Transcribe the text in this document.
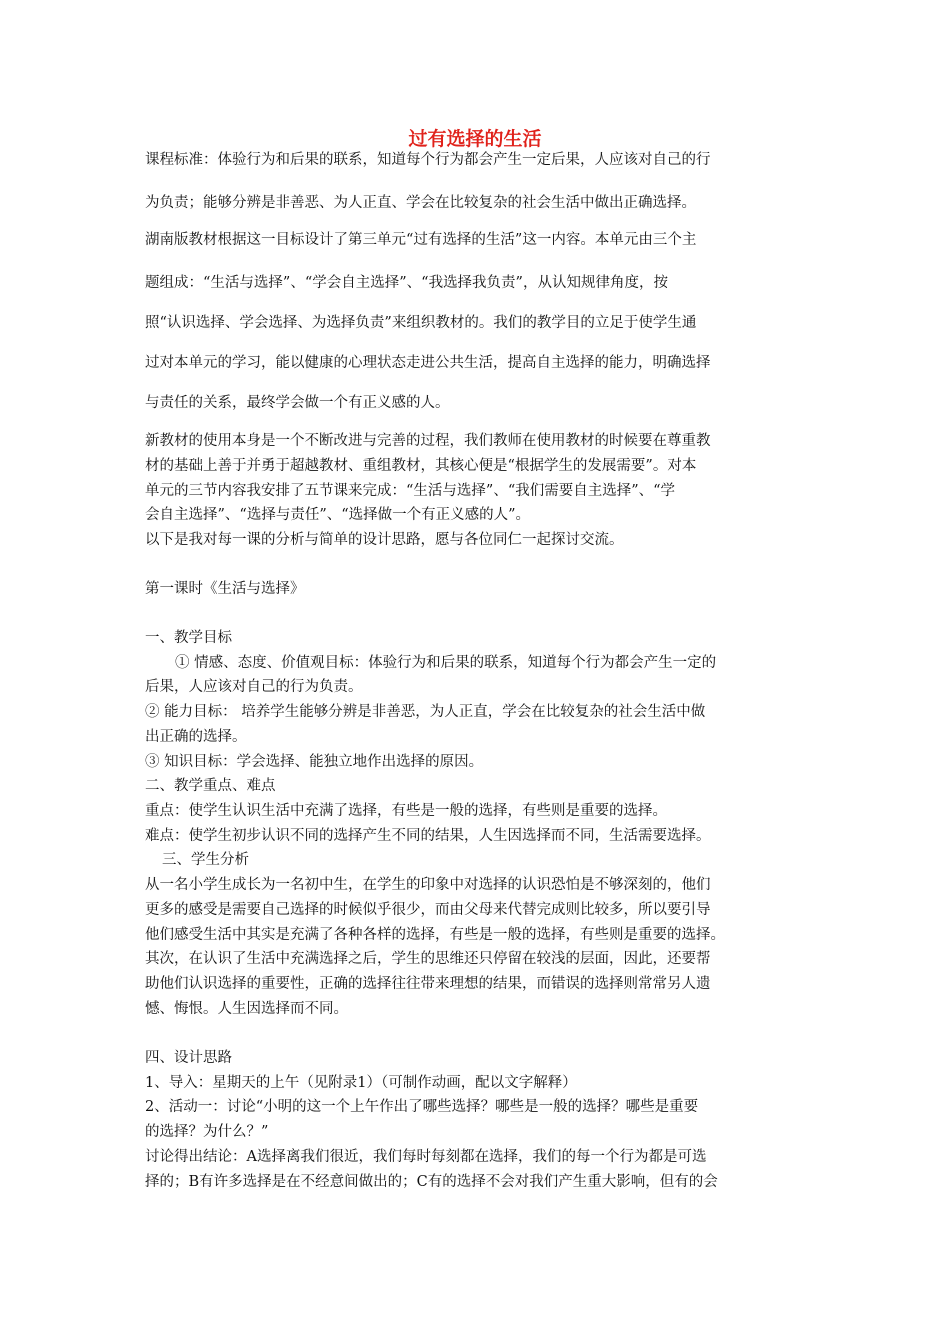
过有选择的生活
课程标准：体验行为和后果的联系，知道每个行为都会产生一定后果，人应该对自己的行
为负责；能够分辨是非善恶、为人正直、学会在比较复杂的社会生活中做出正确选择。
湖南版教材根据这一目标设计了第三单元“过有选择的生活”这一内容。本单元由三个主
题组成：“生活与选择”、“学会自主选择”、“我选择我负责”，从认知规律角度，按
照“认识选择、学会选择、为选择负责”来组织教材的。我们的教学目的立足于使学生通
过对本单元的学习，能以健康的心理状态走进公共生活，提高自主选择的能力，明确选择
与责任的关系，最终学会做一个有正义感的人。
新教材的使用本身是一个不断改进与完善的过程，我们教师在使用教材的时候要在尊重教
材的基础上善于并勇于超越教材、重组教材，其核心便是“根据学生的发展需要”。对本
单元的三节内容我安排了五节课来完成：“生活与选择”、“我们需要自主选择”、“学
会自主选择”、“选择与责任”、“选择做一个有正义感的人”。
以下是我对每一课的分析与简单的设计思路，愿与各位同仁一起探讨交流。
第一课时《生活与选择》
一、教学目标
① 情感、态度、价值观目标：体验行为和后果的联系，知道每个行为都会产生一定的
后果，人应该对自己的行为负责。
② 能力目标： 培养学生能够分辨是非善恶，为人正直，学会在比较复杂的社会生活中做
出正确的选择。
③ 知识目标：学会选择、能独立地作出选择的原因。
二、教学重点、难点
重点：使学生认识生活中充满了选择，有些是一般的选择，有些则是重要的选择。
难点：使学生初步认识不同的选择产生不同的结果，人生因选择而不同，生活需要选择。
三、学生分析
从一名小学生成长为一名初中生，在学生的印象中对选择的认识恐怕是不够深刻的，他们
更多的感受是需要自己选择的时候似乎很少，而由父母来代替完成则比较多，所以要引导
他们感受生活中其实是充满了各种各样的选择，有些是一般的选择，有些则是重要的选择。
其次，在认识了生活中充满选择之后，学生的思维还只停留在较浅的层面，因此，还要帮
助他们认识选择的重要性，正确的选择往往带来理想的结果，而错误的选择则常常另人遗
憾、悔恨。人生因选择而不同。
四、设计思路
1、导入：星期天的上午（见附录1）（可制作动画，配以文字解释）
2、活动一：讨论“小明的这一个上午作出了哪些选择？哪些是一般的选择？哪些是重要
的选择？为什么？”
讨论得出结论：A选择离我们很近，我们每时每刻都在选择，我们的每一个行为都是可选
择的；B有许多选择是在不经意间做出的；C有的选择不会对我们产生重大影响，但有的会
